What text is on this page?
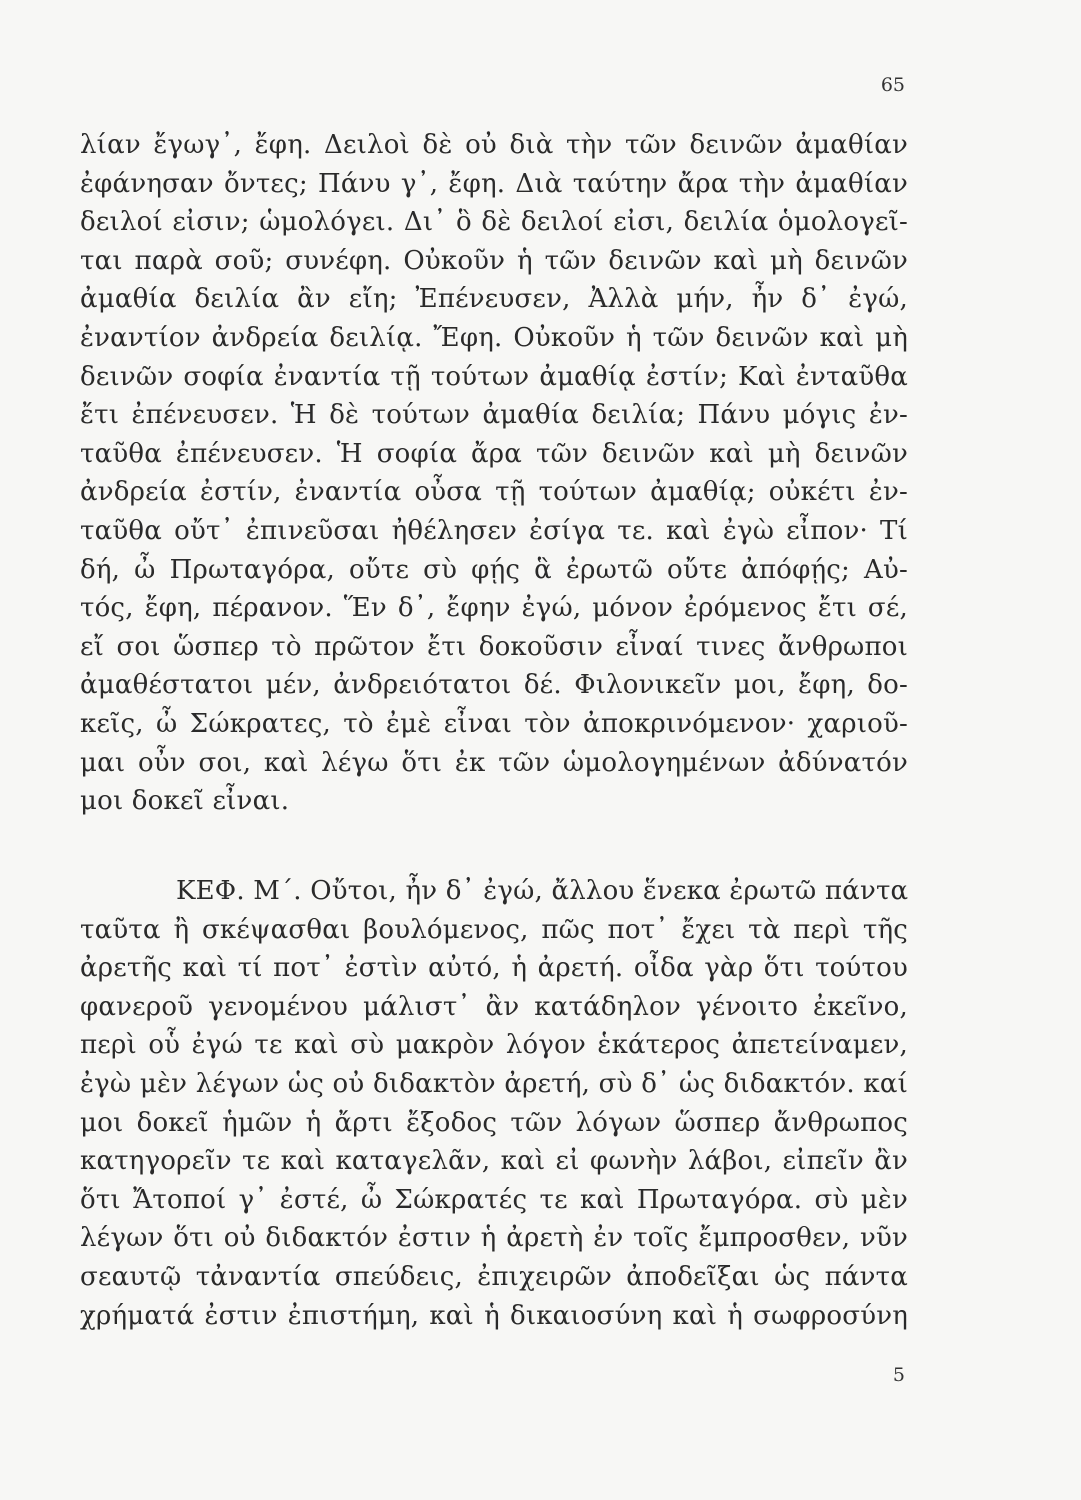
65
λίαν ἔγωγ᾿, ἔφη. Δειλοὶ δὲ οὐ διὰ τὴν τῶν δεινῶν ἀμαθίαν
ἐφάνησαν ὄντες; Πάνυ γ᾿, ἔφη. Διὰ ταύτην ἄρα τὴν ἀμαθίαν
δειλοί εἰσιν; ὡμολόγει. Δι᾿ ὃ δὲ δειλοί εἰσι, δειλία ὁμολογεῖ-
ται παρὰ σοῦ; συνέφη. Οὐκοῦν ἡ τῶν δεινῶν καὶ μὴ δεινῶν
ἀμαθία δειλία ἂν εἴη; Ἐπένευσεν, Ἀλλὰ μήν, ἦν δ᾿ ἐγώ,
ἐναντίον ἀνδρεία δειλίᾳ. Ἔφη. Οὐκοῦν ἡ τῶν δεινῶν καὶ μὴ
δεινῶν σοφία ἐναντία τῇ τούτων ἀμαθίᾳ ἐστίν; Καὶ ἐνταῦθα
ἔτι ἐπένευσεν. Ἡ δὲ τούτων ἀμαθία δειλία; Πάνυ μόγις ἐν-
ταῦθα ἐπένευσεν. Ἡ σοφία ἄρα τῶν δεινῶν καὶ μὴ δεινῶν
ἀνδρεία ἐστίν, ἐναντία οὖσα τῇ τούτων ἀμαθίᾳ; οὐκέτι ἐν-
ταῦθα οὔτ᾿ ἐπινεῦσαι ἠθέλησεν ἐσίγα τε. καὶ ἐγὼ εἶπον· Τί
δή, ὦ Πρωταγόρα, οὔτε σὺ φῄς ἃ ἐρωτῶ οὔτε ἀπόφῄς; Αὐ-
τός, ἔφη, πέρανον. Ἕν δ᾿, ἔφην ἐγώ, μόνον ἐρόμενος ἔτι σέ,
εἴ σοι ὥσπερ τὸ πρῶτον ἔτι δοκοῦσιν εἶναί τινες ἄνθρωποι
ἀμαθέστατοι μέν, ἀνδρειότατοι δέ. Φιλονικεῖν μοι, ἔφη, δο-
κεῖς, ὦ Σώκρατες, τὸ ἐμὲ εἶναι τὸν ἀποκρινόμενον· χαριοῦ-
μαι οὖν σοι, καὶ λέγω ὅτι ἐκ τῶν ὡμολογημένων ἀδύνατόν
μοι δοκεῖ εἶναι.
ΚΕΦ. Μ΄. Οὔτοι, ἦν δ᾿ ἐγώ, ἄλλου ἕνεκα ἐρωτῶ πάντα
ταῦτα ἢ σκέψασθαι βουλόμενος, πῶς ποτ᾿ ἔχει τὰ περὶ τῆς
ἀρετῆς καὶ τί ποτ᾿ ἐστὶν αὐτό, ἡ ἀρετή. οἶδα γὰρ ὅτι τούτου
φανεροῦ γενομένου μάλιστ᾿ ἂν κατάδηλον γένοιτο ἐκεῖνο,
περὶ οὗ ἐγώ τε καὶ σὺ μακρὸν λόγον ἑκάτερος ἀπετείναμεν,
ἐγὼ μὲν λέγων ὡς οὐ διδακτὸν ἀρετή, σὺ δ᾿ ὡς διδακτόν. καί
μοι δοκεῖ ἡμῶν ἡ ἄρτι ἔξοδος τῶν λόγων ὥσπερ ἄνθρωπος
κατηγορεῖν τε καὶ καταγελᾶν, καὶ εἰ φωνὴν λάβοι, εἰπεῖν ἂν
ὅτι Ἄτοποί γ᾿ ἐστέ, ὦ Σώκρατές τε καὶ Πρωταγόρα. σὺ μὲν
λέγων ὅτι οὐ διδακτόν ἐστιν ἡ ἀρετὴ ἐν τοῖς ἔμπροσθεν, νῦν
σεαυτῷ τἀναντία σπεύδεις, ἐπιχειρῶν ἀποδεῖξαι ὡς πάντα
χρήματά ἐστιν ἐπιστήμη, καὶ ἡ δικαιοσύνη καὶ ἡ σωφροσύνη
5
